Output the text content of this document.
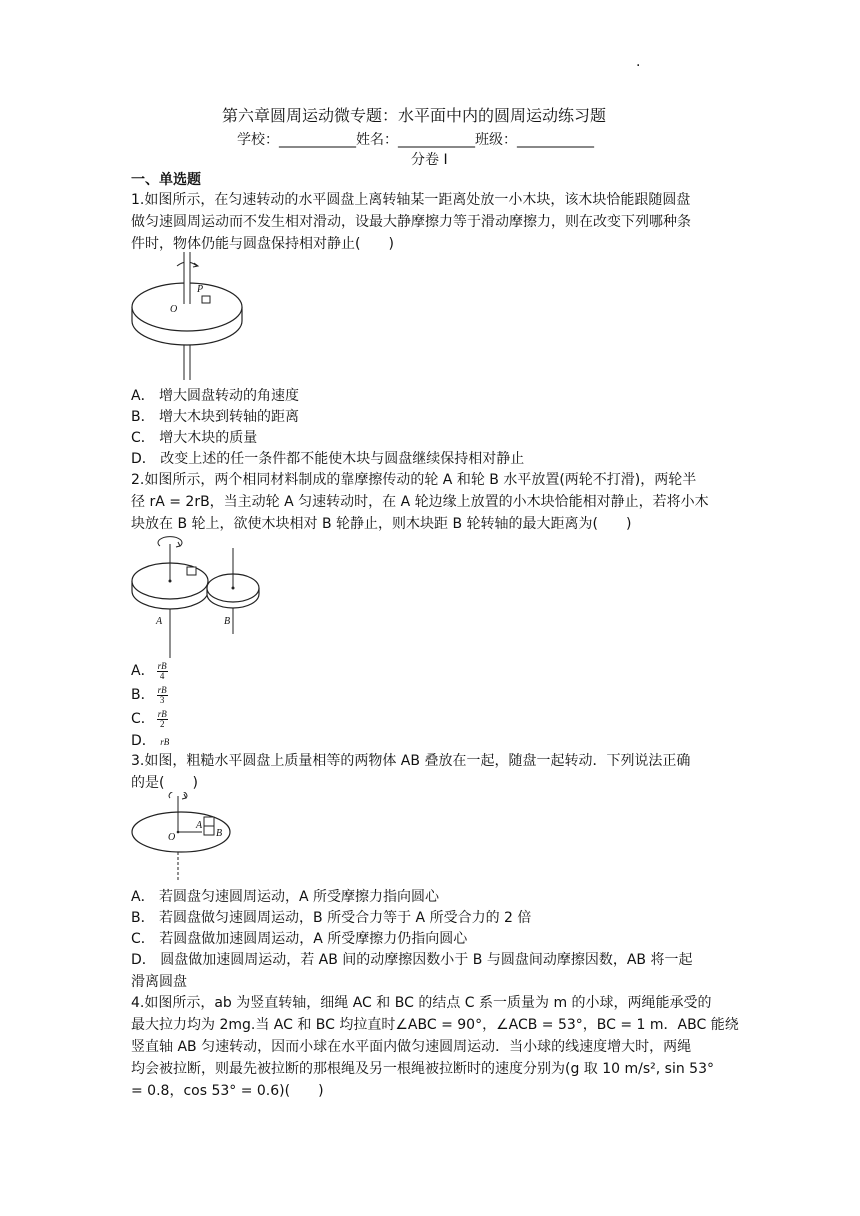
·
第六章圆周运动微专题：水平面中内的圆周运动练习题
学校：___________姓名：___________班级：___________
分卷 I
一、单选题
1.如图所示，在匀速转动的水平圆盘上离转轴某一距离处放一小木块，该木块恰能跟随圆盘
做匀速圆周运动而不发生相对滑动，设最大静摩擦力等于滑动摩擦力，则在改变下列哪种条
件时，物体仍能与圆盘保持相对静止(　　)
P
O
A． 增大圆盘转动的角速度
B． 增大木块到转轴的距离
C． 增大木块的质量
D． 改变上述的任一条件都不能使木块与圆盘继续保持相对静止
2.如图所示，两个相同材料制成的靠摩擦传动的轮 A 和轮 B 水平放置(两轮不打滑)，两轮半
径 rA = 2rB，当主动轮 A 匀速转动时，在 A 轮边缘上放置的小木块恰能相对静止，若将小木
块放在 B 轮上，欲使木块相对 B 轮静止，则木块距 B 轮转轴的最大距离为(　　)
A	B
A． $\frac{rB}{4}$
B． $\frac{rB}{3}$
C． $\frac{rB}{2}$
D． rB
3.如图，粗糙水平圆盘上质量相等的两物体 AB 叠放在一起，随盘一起转动．下列说法正确
的是(　　)
O
A
B
A． 若圆盘匀速圆周运动，A 所受摩擦力指向圆心
B． 若圆盘做匀速圆周运动，B 所受合力等于 A 所受合力的 2 倍
C． 若圆盘做加速圆周运动，A 所受摩擦力仍指向圆心
D． 圆盘做加速圆周运动，若 AB 间的动摩擦因数小于 B 与圆盘间动摩擦因数，AB 将一起
滑离圆盘
4.如图所示，ab 为竖直转轴，细绳 AC 和 BC 的结点 C 系一质量为 m 的小球，两绳能承受的
最大拉力均为 2mg.当 AC 和 BC 均拉直时∠ABC = 90°，∠ACB = 53°，BC = 1 m．ABC 能绕
竖直轴 AB 匀速转动，因而小球在水平面内做匀速圆周运动．当小球的线速度增大时，两绳
均会被拉断，则最先被拉断的那根绳及另一根绳被拉断时的速度分别为(g 取 10 m/s², sin 53°
= 0.8，cos 53° = 0.6)(　　)
